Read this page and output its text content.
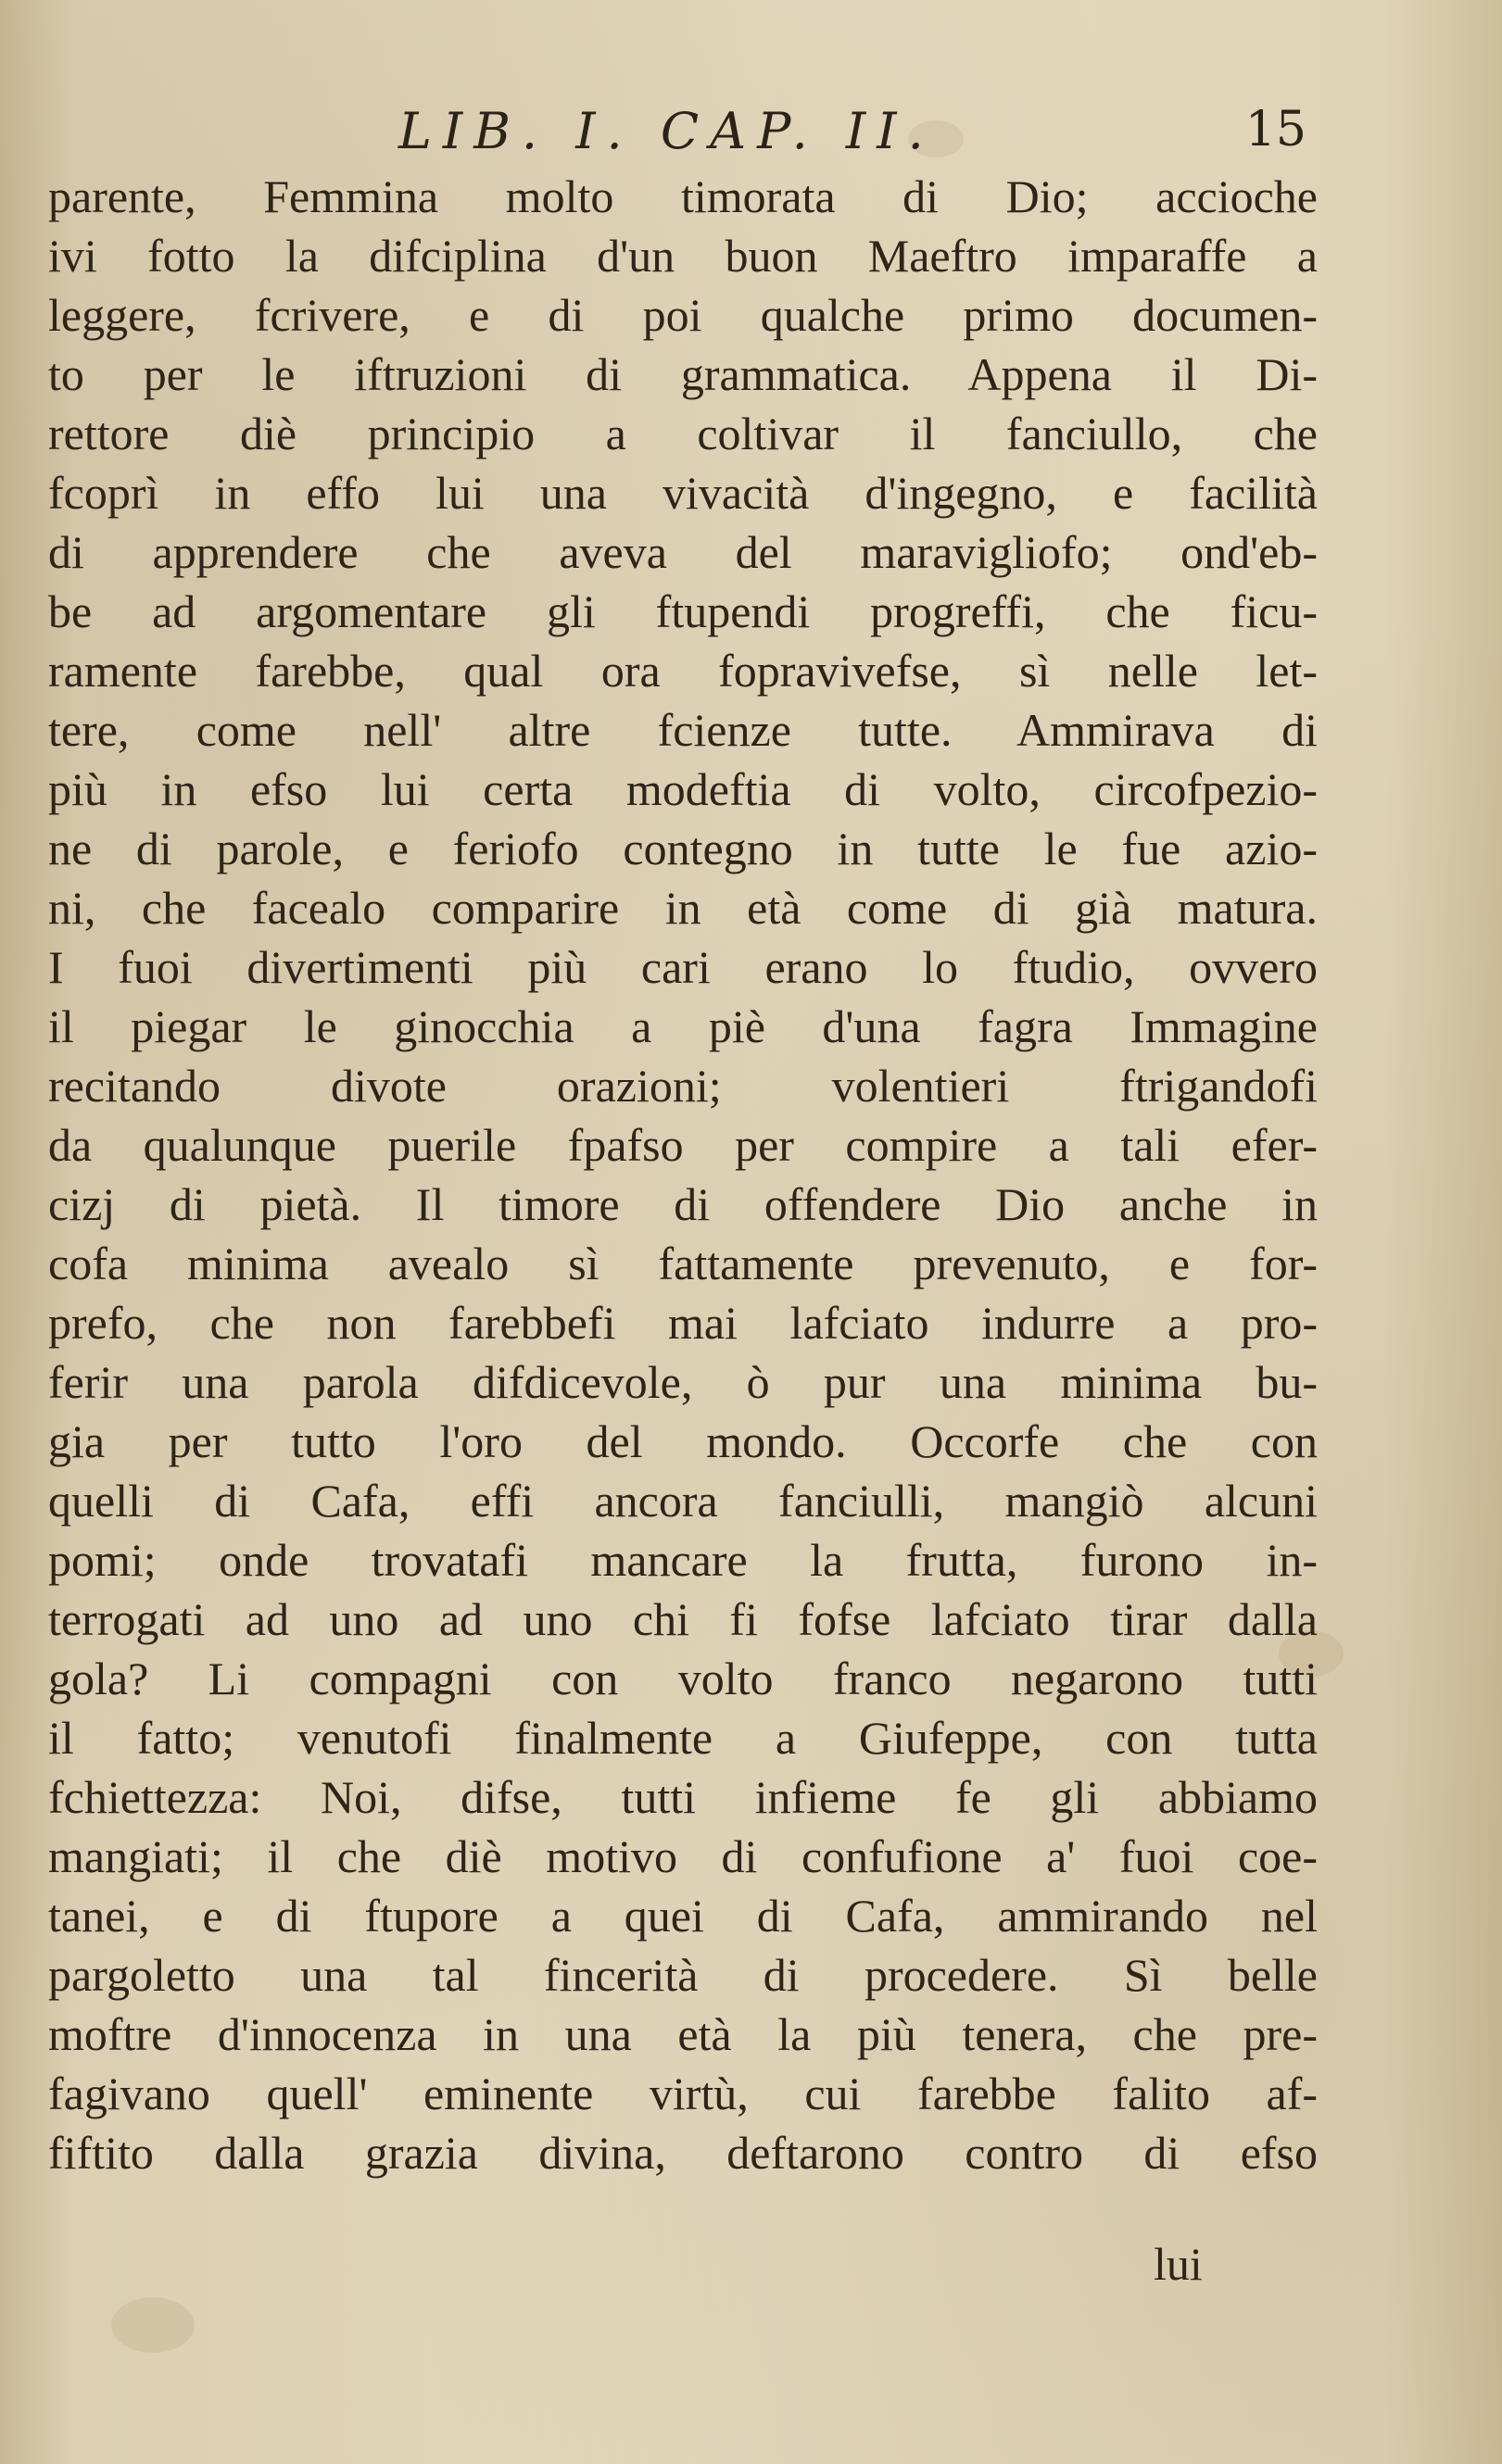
LIB. I. CAP. II.	15
parente, Femmina molto timorata di Dio; accioche
ivi fotto la difciplina d'un buon Maeftro imparaffe a
leggere, fcrivere, e di poi qualche primo documen-
to per le iftruzioni di grammatica. Appena il Di-
rettore diè principio a coltivar il fanciullo, che
fcoprì in effo lui una vivacità d'ingegno, e facilità
di apprendere che aveva del maravigliofo; ond'eb-
be ad argomentare gli ftupendi progreffi, che ficu-
ramente farebbe, qual ora fopravivefse, sì nelle let-
tere, come nell' altre fcienze tutte. Ammirava di
più in efso lui certa modeftia di volto, circofpezio-
ne di parole, e feriofo contegno in tutte le fue azio-
ni, che facealo comparire in età come di già matura.
I fuoi divertimenti più cari erano lo ftudio, ovvero
il piegar le ginocchia a piè d'una fagra Immagine
recitando divote orazioni; volentieri ftrigandofi
da qualunque puerile fpafso per compire a tali efer-
cizj di pietà. Il timore di offendere Dio anche in
cofa minima avealo sì fattamente prevenuto, e for-
prefo, che non farebbefi mai lafciato indurre a pro-
ferir una parola difdicevole, ò pur una minima bu-
gia per tutto l'oro del mondo. Occorfe che con
quelli di Cafa, effi ancora fanciulli, mangiò alcuni
pomi; onde trovatafi mancare la frutta, furono in-
terrogati ad uno ad uno chi fi fofse lafciato tirar dalla
gola? Li compagni con volto franco negarono tutti
il fatto; venutofi finalmente a Giufeppe, con tutta
fchiettezza: Noi, difse, tutti infieme fe gli abbiamo
mangiati; il che diè motivo di confufione a' fuoi coe-
tanei, e di ftupore a quei di Cafa, ammirando nel
pargoletto una tal fincerità di procedere. Sì belle
moftre d'innocenza in una età la più tenera, che pre-
fagivano quell' eminente virtù, cui farebbe falito af-
fiftito dalla grazia divina, deftarono contro di efso
lui
